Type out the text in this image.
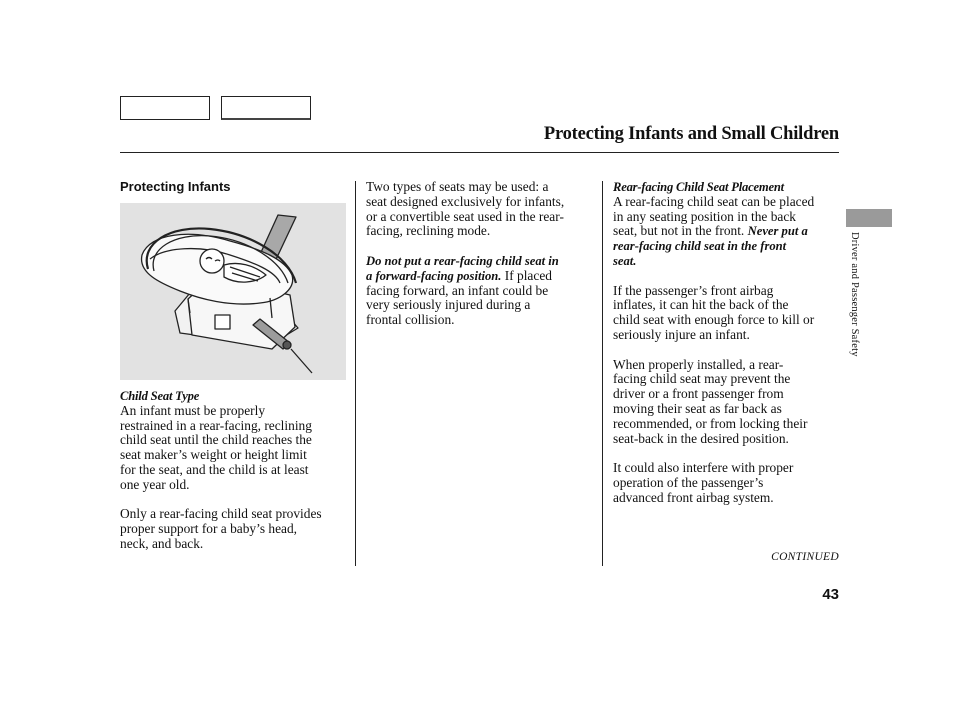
Protecting Infants and Small Children

Protecting Infants

Child Seat Type

An infant must be properly

restrained in a rear-facing, reclining

child seat until the child reaches the

seat maker’s weight or height limit

for the seat, and the child is at least

one year old.

Only a rear-facing child seat provides

proper support for a baby’s head,

neck, and back.

Two types of seats may be used: a

seat designed exclusively for infants,

or a convertible seat used in the rear-

facing, reclining mode.

Do not put a rear-facing child seat in

a forward-facing position. If placed

facing forward, an infant could be

very seriously injured during a

frontal collision.

Rear-facing Child Seat Placement

A rear-facing child seat can be placed

in any seating position in the back

seat, but not in the front. Never put a

rear-facing child seat in the front

seat.

If the passenger’s front airbag

inflates, it can hit the back of the

child seat with enough force to kill or

seriously injure an infant.

When properly installed, a rear-

facing child seat may prevent the

driver or a front passenger from

moving their seat as far back as

recommended, or from locking their

seat-back in the desired position.

It could also interfere with proper

operation of the passenger’s

advanced front airbag system.

Driver and Passenger Safety
CONTINUED
43
